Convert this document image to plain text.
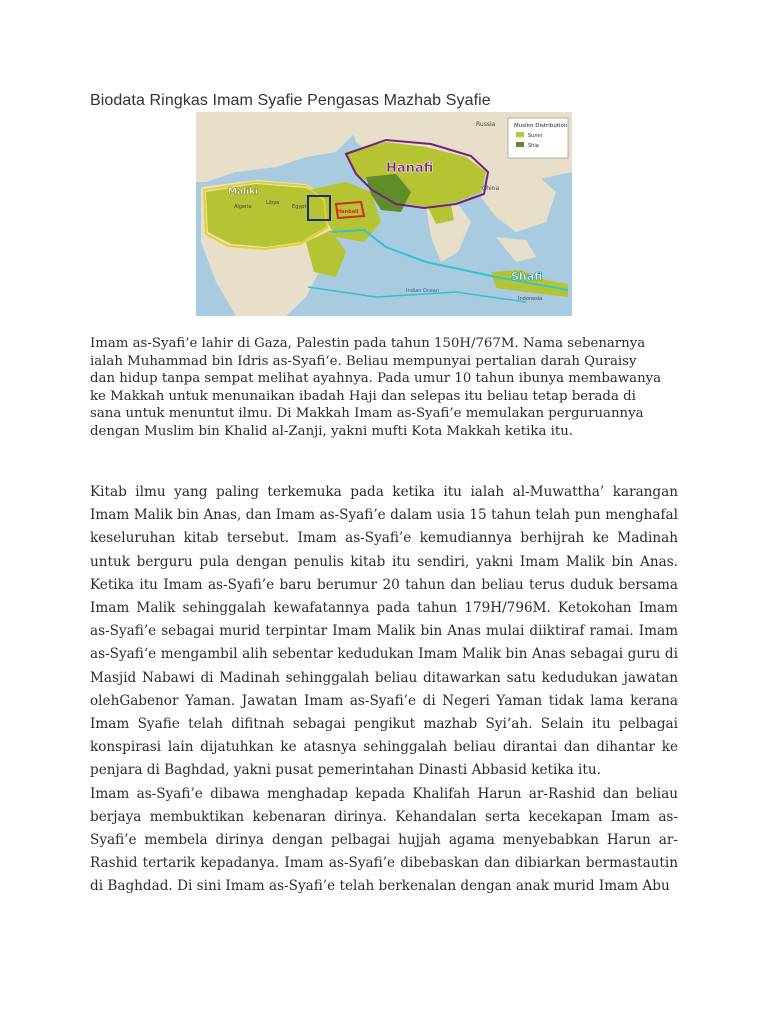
Biodata Ringkas Imam Syafie Pengasas Mazhab Syafie
Muslim Distribution
Sunni
Shia
China
Russia
Indian Ocean
Indonesia
Algeria
Libya
Egypt
Hanafi
Maliki
Shafi
Hanbali

Imam as-Syafi’e lahir di Gaza, Palestin pada tahun 150H/767M. Nama sebenarnya

ialah Muhammad bin Idris as-Syafi‘e. Beliau mempunyai pertalian darah Quraisy

dan hidup tanpa sempat melihat ayahnya. Pada umur 10 tahun ibunya membawanya

ke Makkah untuk menunaikan ibadah Haji dan selepas itu beliau tetap berada di

sana untuk menuntut ilmu. Di Makkah Imam as-Syafi’e memulakan perguruannya

dengan Muslim bin Khalid al-Zanji, yakni mufti Kota Makkah ketika itu.

Kitab ilmu yang paling terkemuka pada ketika itu ialah al-Muwattha’ karangan Imam Malik bin Anas, dan Imam as-Syafi’e dalam usia 15 tahun telah pun menghafal keseluruhan kitab tersebut. Imam as-Syafi’e kemudiannya berhijrah ke Madinah untuk berguru pula dengan penulis kitab itu sendiri, yakni Imam Malik bin Anas. Ketika itu Imam as-Syafi’e baru berumur 20 tahun dan beliau terus duduk bersama Imam Malik sehinggalah kewafatannya pada tahun 179H/796M. Ketokohan Imam as-Syafi’e sebagai murid terpintar Imam Malik bin Anas mulai diiktiraf ramai. Imam as-Syafi‘e mengambil alih sebentar kedudukan Imam Malik bin Anas sebagai guru di Masjid Nabawi di Madinah sehinggalah beliau ditawarkan satu kedudukan jawatan olehGabenor Yaman. Jawatan Imam as-Syafi’e di Negeri Yaman tidak lama kerana Imam Syafie telah difitnah sebagai pengikut mazhab Syi‘ah. Selain itu pelbagai konspirasi lain dijatuhkan ke atasnya sehinggalah beliau dirantai dan dihantar ke penjara di Baghdad, yakni pusat pemerintahan Dinasti Abbasid ketika itu.

Imam as-Syafi’e dibawa menghadap kepada Khalifah Harun ar-Rashid dan beliau berjaya membuktikan kebenaran dirinya. Kehandalan serta kecekapan Imam as-Syafi’e membela dirinya dengan pelbagai hujjah agama menyebabkan Harun ar-Rashid tertarik kepadanya. Imam as-Syafi’e dibebaskan dan dibiarkan bermastautin di Baghdad. Di sini Imam as-Syafi’e telah berkenalan dengan anak murid Imam Abu
